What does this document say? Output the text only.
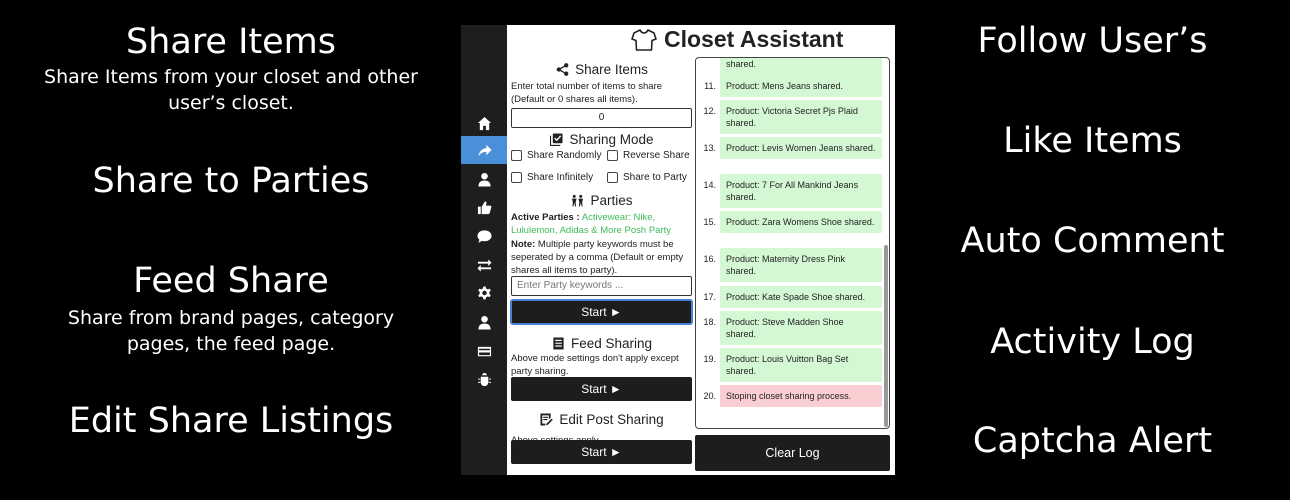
Share Items
Share Items from your closet and other user’s closet.
Share to Parties
Feed Share
Share from brand pages, category pages, the feed page.
Edit Share Listings
Follow User’s
Like Items
Auto Comment
Activity Log
Captcha Alert
Closet Assistant
Share Items
Enter total number of items to share (Default or 0 shares all items).
0
Sharing Mode
Share Randomly Reverse Share
Share Infinitely	Share to Party
Parties
Active Parties : Activewear: Nike, Lululemon, Adidas & More Posh Party
Note: Multiple party keywords must be seperated by a comma (Default or empty shares all items to party).
Enter Party keywords ...
Start ►
Feed Sharing
Above mode settings don't apply except party sharing.
Start ►
Edit Post Sharing
Start ►
shared.
11.	Product: Mens Jeans shared.
12.	Product: Victoria Secret Pjs Plaid shared.
13.	Product: Levis Women Jeans shared.
14.	Product: 7 For All Mankind Jeans shared.
15.	Product: Zara Womens Shoe shared.
16.	Product: Maternity Dress Pink shared.
17.	Product: Kate Spade Shoe shared.
18.	Product: Steve Madden Shoe shared.
19.	Product: Louis Vuitton Bag Set shared.
20.	Stoping closet sharing process.
Clear Log
